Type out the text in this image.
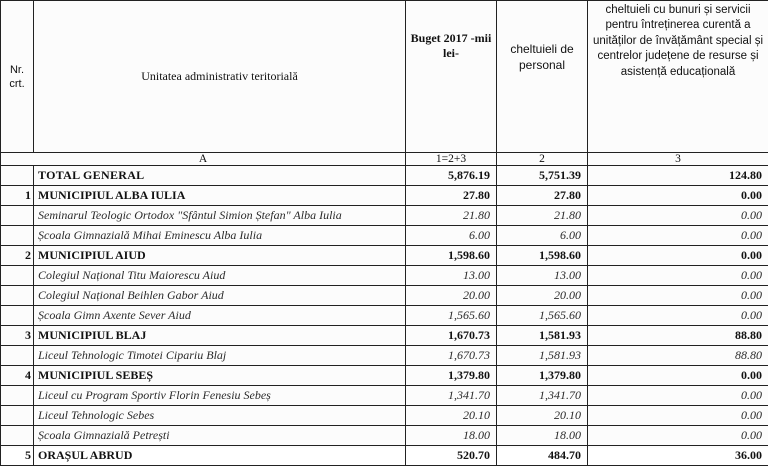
Nr. crt.	Unitatea administrativ teritorială	Buget 2017 -mii lei-	cheltuieli de personal	cheltuieli cu bunuri și servicii pentru întreținerea curentă a unităților de învățământ special și centrelor județene de resurse și asistență educațională
A		1=2+3	2	3
	TOTAL GENERAL	5,876.19	5,751.39	124.80
1	MUNICIPIUL ALBA IULIA	27.80	27.80	0.00
	Seminarul Teologic Ortodox "Sfântul Simion Ștefan" Alba Iulia	21.80	21.80	0.00
	Școala Gimnazială Mihai Eminescu Alba Iulia	6.00	6.00	0.00
2	MUNICIPIUL AIUD	1,598.60	1,598.60	0.00
	Colegiul Național Titu Maiorescu Aiud	13.00	13.00	0.00
	Colegiul Național Beihlen Gabor Aiud	20.00	20.00	0.00
	Școala Gimn Axente Sever Aiud	1,565.60	1,565.60	0.00
3	MUNICIPIUL BLAJ	1,670.73	1,581.93	88.80
	Liceul Tehnologic Timotei Cipariu Blaj	1,670.73	1,581.93	88.80
4	MUNICIPIUL SEBEȘ	1,379.80	1,379.80	0.00
	Liceul cu Program Sportiv Florin Fenesiu Sebeș	1,341.70	1,341.70	0.00
	Liceul Tehnologic Sebes	20.10	20.10	0.00
	Școala Gimnazială Petrești	18.00	18.00	0.00
5	ORAȘUL ABRUD	520.70	484.70	36.00
